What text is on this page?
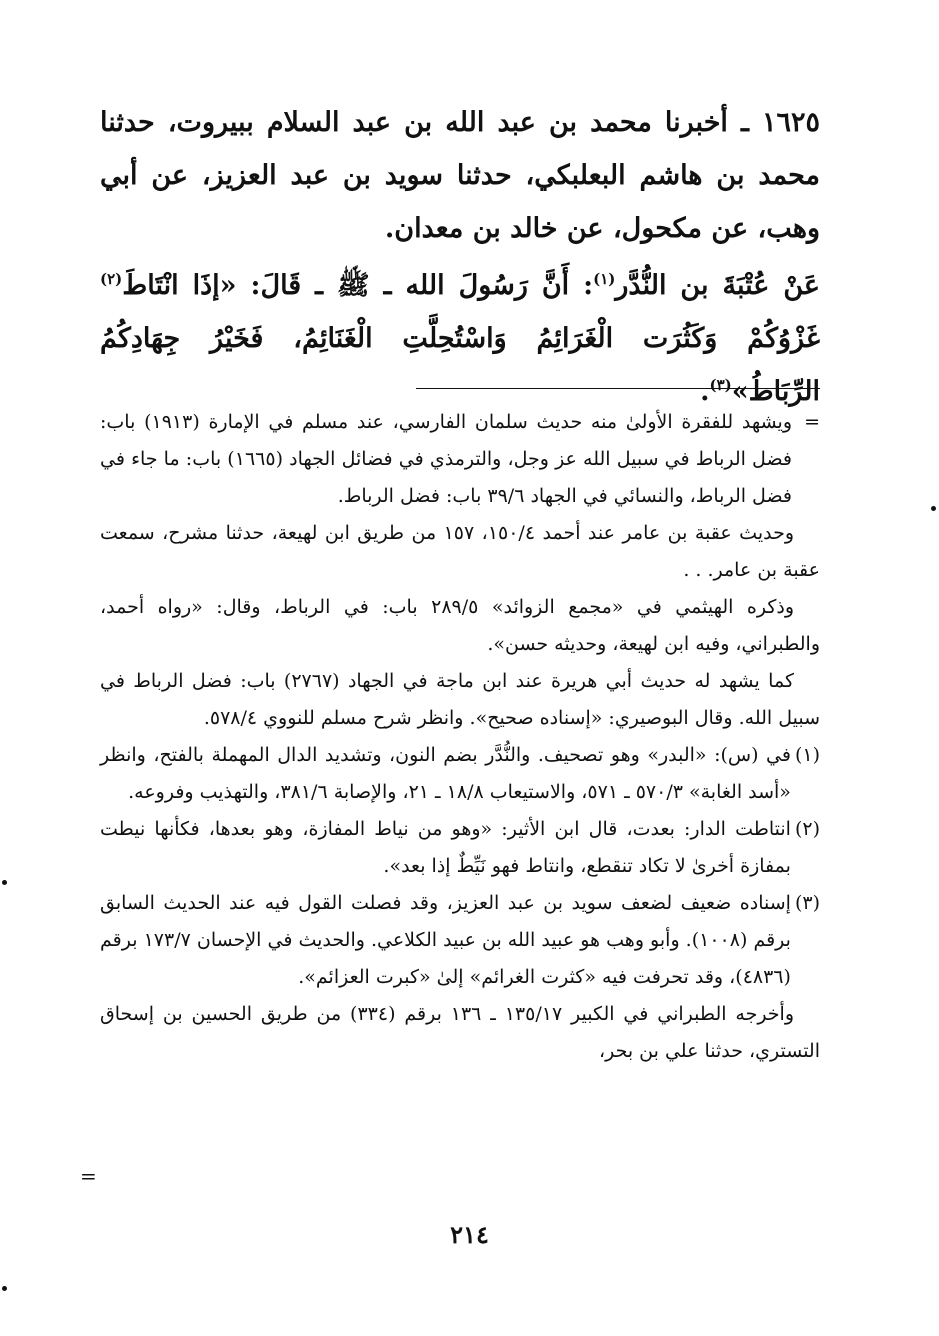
١٦٢٥ ـ أخبرنا محمد بن عبد الله بن عبد السلام ببيروت، حدثنا محمد بن هاشم البعلبكي، حدثنا سويد بن عبد العزيز، عن أبي وهب، عن مكحول، عن خالد بن معدان.

عَنْ عُتْبَةَ بن النُّدَّر$^{(١)}$: أَنَّ رَسُولَ الله ـ ﷺ ـ قَالَ: «إذَا انْتَاطَ$^{(٢)}$ غَزْوُكُمْ وَكَثُرَت الْغَرَائِمُ وَاسْتُحِلَّتِ الْغَنَائِمُ، فَخَيْرُ جِهَادِكُمُ الرِّبَاطُ»$^{(٣)}$.

=
ويشهد للفقرة الأولىٰ منه حديث سلمان الفارسي، عند مسلم في الإمارة (١٩١٣) باب: فضل الرباط في سبيل الله عز وجل، والترمذي في فضائل الجهاد (١٦٦٥) باب: ما جاء في فضل الرباط، والنسائي في الجهاد ٣٩/٦ باب: فضل الرباط.

وحديث عقبة بن عامر عند أحمد ١٥٠/٤، ١٥٧ من طريق ابن لهيعة، حدثنا مشرح، سمعت عقبة بن عامر. . .

وذكره الهيثمي في «مجمع الزوائد» ٢٨٩/٥ باب: في الرباط، وقال: «رواه أحمد، والطبراني، وفيه ابن لهيعة، وحديثه حسن».

كما يشهد له حديث أبي هريرة عند ابن ماجة في الجهاد (٢٧٦٧) باب: فضل الرباط في سبيل الله. وقال البوصيري: «إسناده صحيح». وانظر شرح مسلم للنووي ٥٧٨/٤.

(١)

في (س): «البدر» وهو تصحيف. والنُّدَّر بضم النون، وتشديد الدال المهملة بالفتح، وانظر «أسد الغابة» ٥٧٠/٣ ـ ٥٧١، والاستيعاب ١٨/٨ ـ ٢١، والإصابة ٣٨١/٦، والتهذيب وفروعه.

(٢)

انتاطت الدار: بعدت، قال ابن الأثير: «وهو من نياط المفازة، وهو بعدها، فكأنها نيطت بمفازة أخرىٰ لا تكاد تنقطع، وانتاط فهو نَيِّطٌ إذا بعد».

(٣)

إسناده ضعيف لضعف سويد بن عبد العزيز، وقد فصلت القول فيه عند الحديث السابق برقم (١٠٠٨). وأبو وهب هو عبيد الله بن عبيد الكلاعي. والحديث في الإحسان ١٧٣/٧ برقم (٤٨٣٦)، وقد تحرفت فيه «كثرت الغرائم» إلىٰ «كبرت العزائم».

وأخرجه الطبراني في الكبير ١٣٥/١٧ ـ ١٣٦ برقم (٣٣٤) من طريق الحسين بن إسحاق التستري، حدثنا علي بن بحر،

=
٢١٤
